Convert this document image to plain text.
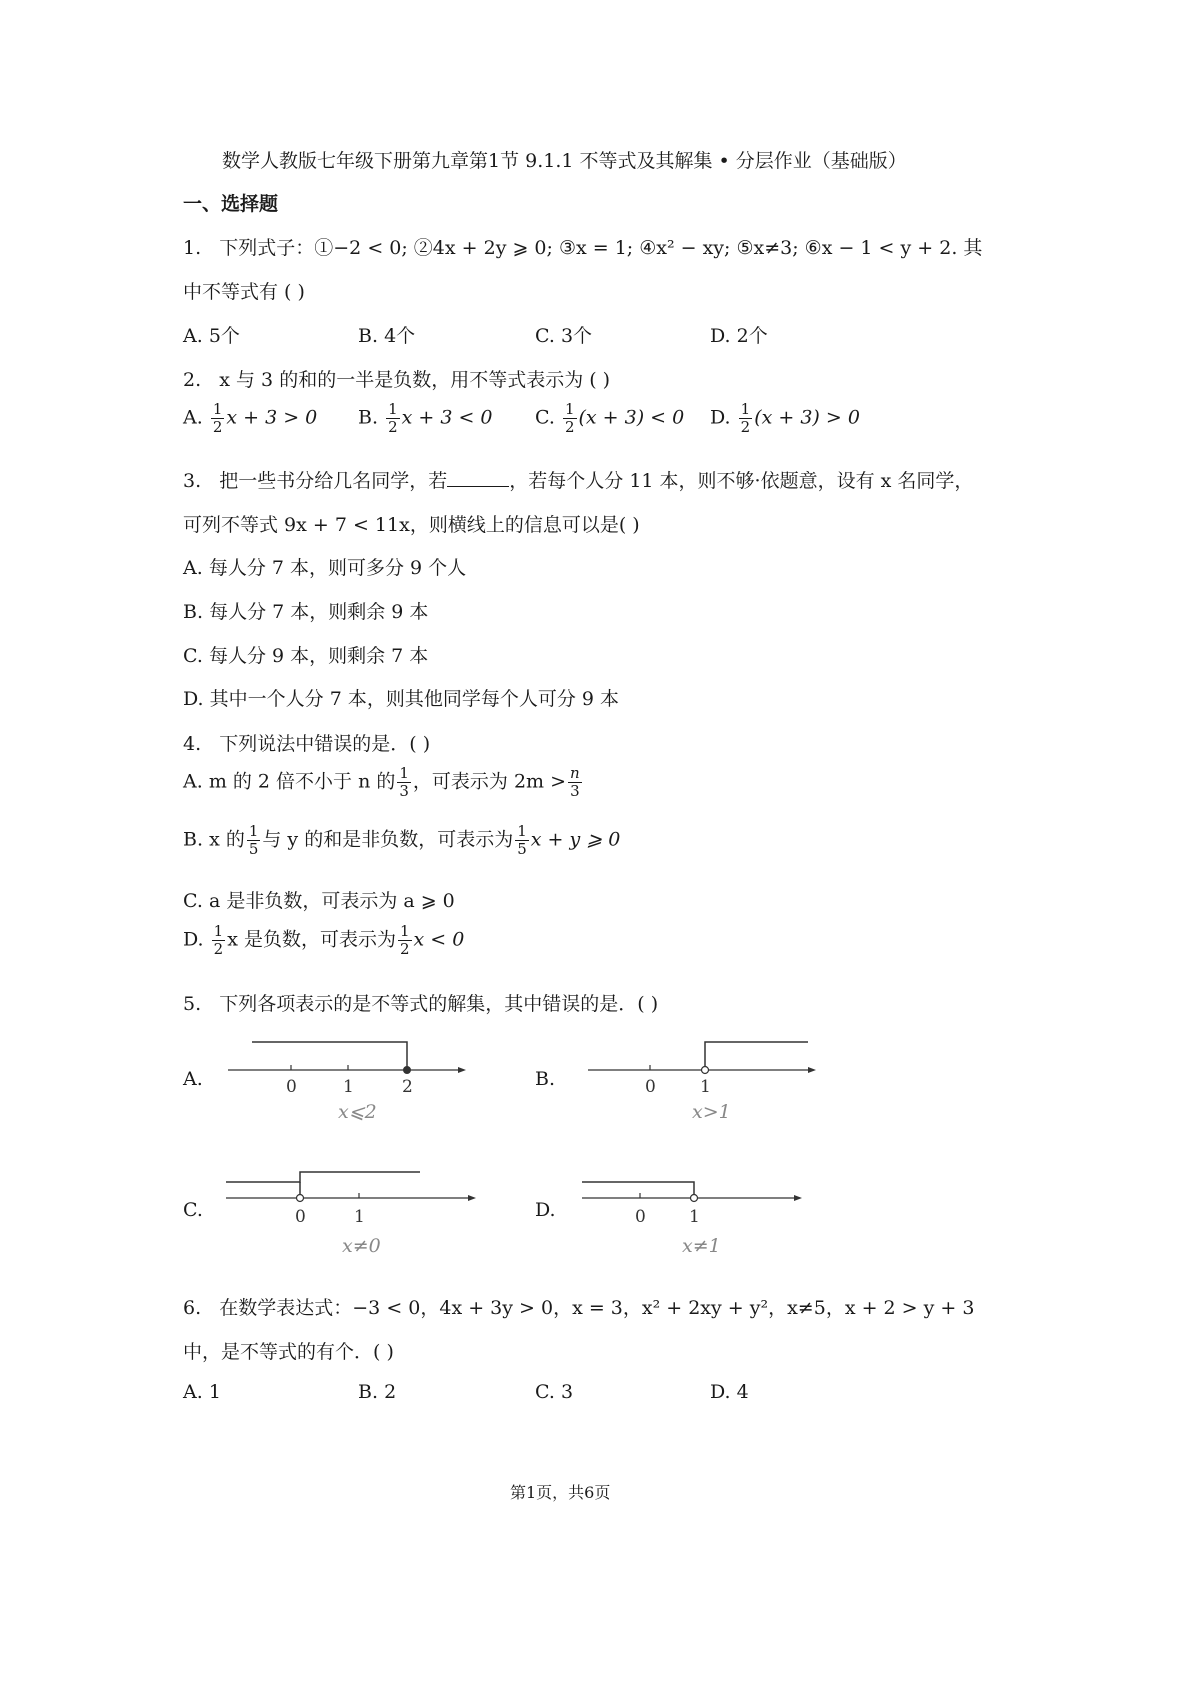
数学人教版七年级下册第九章第1节 9.1.1 不等式及其解集 • 分层作业（基础版）
一、选择题
1. 下列式子：①−2 < 0; ②4x + 2y ⩾ 0; ③x = 1; ④x² − xy; ⑤x≠3; ⑥x − 1 < y + 2. 其
中不等式有 ( )
A. 5个	B. 4个	C. 3个	D. 2个
2. x 与 3 的和的一半是负数，用不等式表示为 ( )
A. $\frac{1}{2}$ x + 3 > 0 B. $\frac{1}{2}$ x + 3 < 0 C. $\frac{1}{2} (x + 3) < 0$ D. $\frac{1}{2} (x + 3) > 0$
3. 把一些书分给几名同学，若	，若每个人分 11 本，则不够·依题意，设有 x 名同学，
可列不等式 9x + 7 < 11x，则横线上的信息可以是( )
A. 每人分 7 本，则可多分 9 个人
B. 每人分 7 本，则剩余 9 本
C. 每人分 9 本，则剩余 7 本
D. 其中一个人分 7 本，则其他同学每个人可分 9 本
4. 下列说法中错误的是．( )
A. m 的 2 倍不小于 n 的 $\frac{1}{3}$ ，可表示为 $2m > \frac{n}{3}$
B. x 的 $\frac{1}{5}$ 与 y 的和是非负数，可表示为 $\frac{1}{5}$ x + y ⩾ 0
C. a 是非负数，可表示为 a ⩾ 0
D. $\frac{1}{2}$ x 是负数，可表示为 $\frac{1}{2}$ x < 0
5. 下列各项表示的是不等式的解集，其中错误的是．( )
A.	0	1	2
x⩽2
B.	0	1
x>1
C.	0	1
x≠0
D.	0	1
x≠1
6. 在数学表达式：−3 < 0，4x + 3y > 0，x = 3，x² + 2xy + y²，x≠5，x + 2 > y + 3
中，是不等式的有个．( )
A. 1	B. 2	C. 3	D. 4
第1页，共6页
